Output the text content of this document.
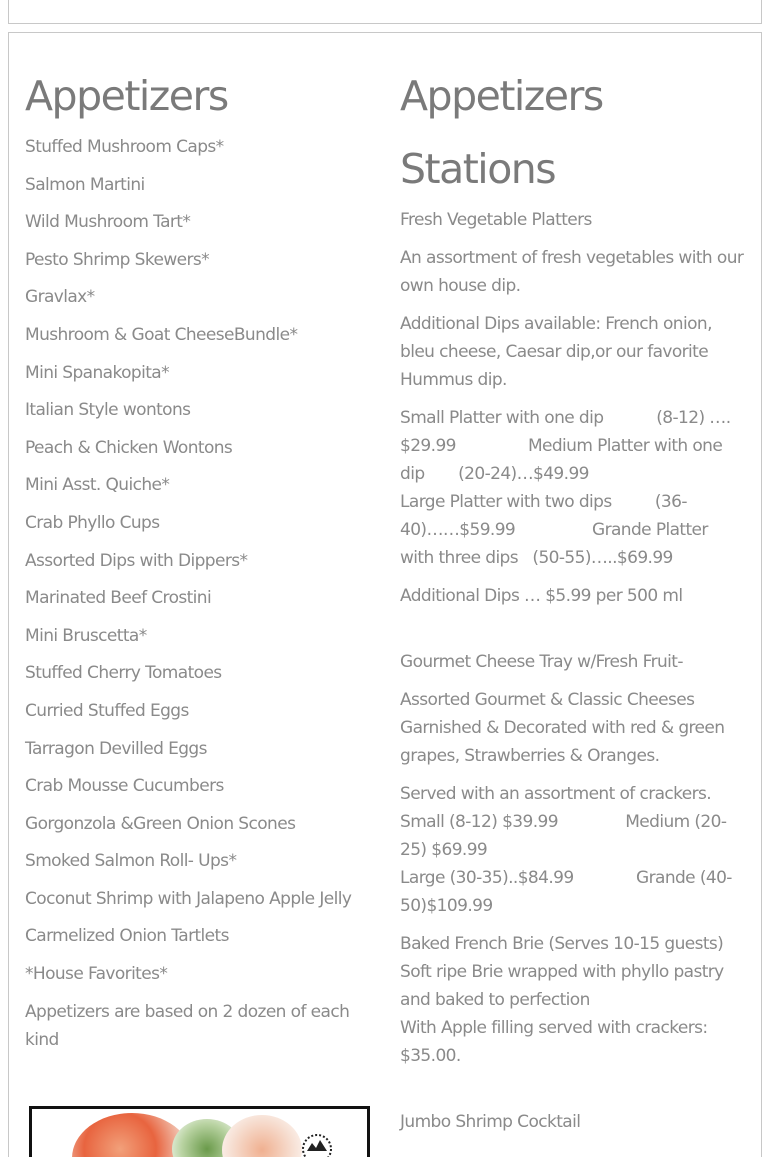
Appetizers

Stuffed Mushroom Caps*

Salmon Martini

Wild Mushroom Tart*

Pesto Shrimp Skewers*

Gravlax*

Mushroom & Goat CheeseBundle*

Mini Spanakopita*

Italian Style wontons

Peach & Chicken Wontons

Mini Asst. Quiche*

Crab Phyllo Cups

Assorted Dips with Dippers*

Marinated Beef Crostini

Mini Bruscetta*

Stuffed Cherry Tomatoes

Curried Stuffed Eggs

Tarragon Devilled Eggs

Crab Mousse Cucumbers

Gorgonzola &Green Onion Scones

Smoked Salmon Roll- Ups*

Coconut Shrimp with Jalapeno Apple Jelly

Carmelized Onion Tartlets

*House Favorites*

Appetizers are based on 2 dozen of each kind

Appetizers Stations

Fresh Vegetable Platters

An assortment of fresh vegetables with our own house dip.

Additional Dips available: French onion, bleu cheese, Caesar dip,or our favorite Hummus dip.

Small Platter with one dip           (8-12) …. $29.99               Medium Platter with one dip       (20-24)…$49.99

Large Platter with two dips         (36-40)……$59.99                Grande Platter with three dips   (50-55)…..$69.99

Additional Dips … $5.99 per 500 ml

Gourmet Cheese Tray w/Fresh Fruit-

Assorted Gourmet & Classic Cheeses Garnished & Decorated with red & green grapes, Strawberries & Oranges.

Served with an assortment of crackers. Small (8-12) $39.99              Medium (20-25) $69.99

Large (30-35)..$84.99             Grande (40-50)$109.99

Baked French Brie (Serves 10-15 guests)

Soft ripe Brie wrapped with phyllo pastry and baked to perfection

With Apple filling served with crackers: $35.00.

Jumbo Shrimp Cocktail
